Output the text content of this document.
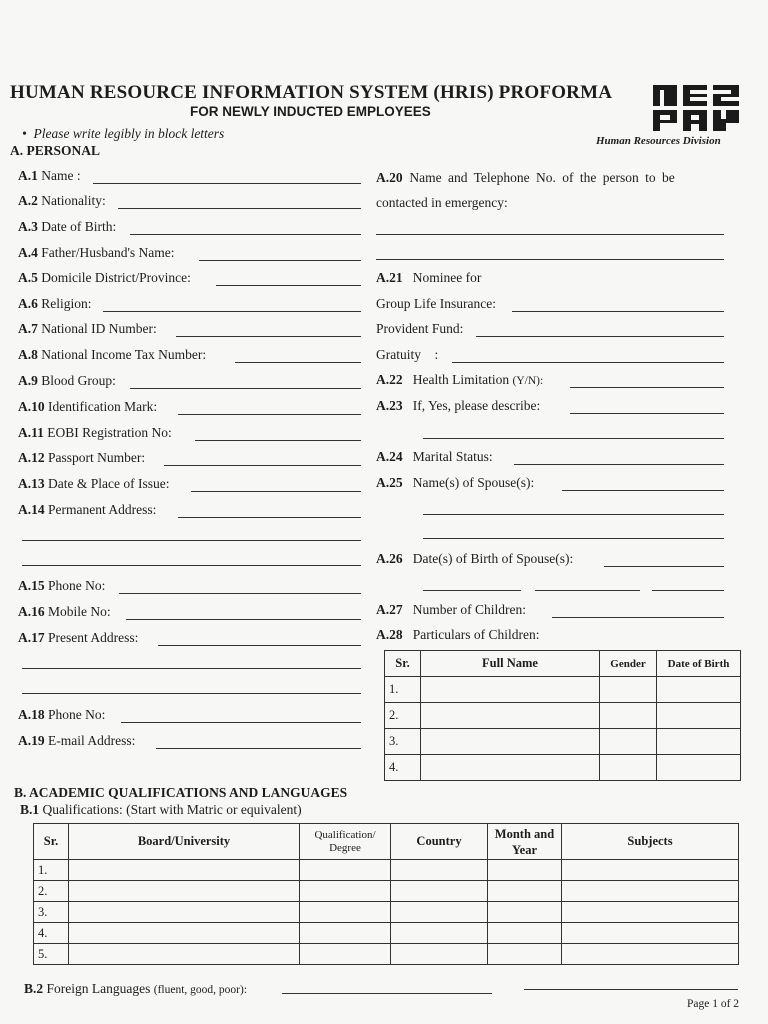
HUMAN RESOURCE INFORMATION SYSTEM (HRIS) PROFORMA
FOR NEWLY INDUCTED EMPLOYEES
• Please write legibly in block letters	Human Resources Division
A. PERSONAL
A.1 Name :
A.2 Nationality:
A.3 Date of Birth:
A.4 Father/Husband's Name:
A.5 Domicile District/Province:
A.6 Religion:
A.7 National ID Number:
A.8 National Income Tax Number:
A.9 Blood Group:
A.10 Identification Mark:
A.11 EOBI Registration No:
A.12 Passport Number:
A.13 Date & Place of Issue:
A.14 Permanent Address:
A.15 Phone No:
A.16 Mobile No:
A.17 Present Address:
A.18 Phone No:
A.19 E-mail Address:
A.20 Name and Telephone No. of the person to be
contacted in emergency:
A.21 Nominee for
Group Life Insurance:
Provident Fund:
Gratuity :
A.22 Health Limitation (Y/N):
A.23 If, Yes, please describe:
A.24 Marital Status:
A.25 Name(s) of Spouse(s):
A.26 Date(s) of Birth of Spouse(s):
A.27 Number of Children:
A.28 Particulars of Children:
Sr.	Full Name	Gender	Date of Birth
1.			
2.			
3.			
4.			
B. ACADEMIC QUALIFICATIONS AND LANGUAGES
B.1 Qualifications: (Start with Matric or equivalent)
Sr.	Board/University	Qualification/ Degree	Country	Month and Year	Subjects
1.					
2.					
3.					
4.					
5.					
B.2 Foreign Languages (fluent, good, poor):
Page 1 of 2
